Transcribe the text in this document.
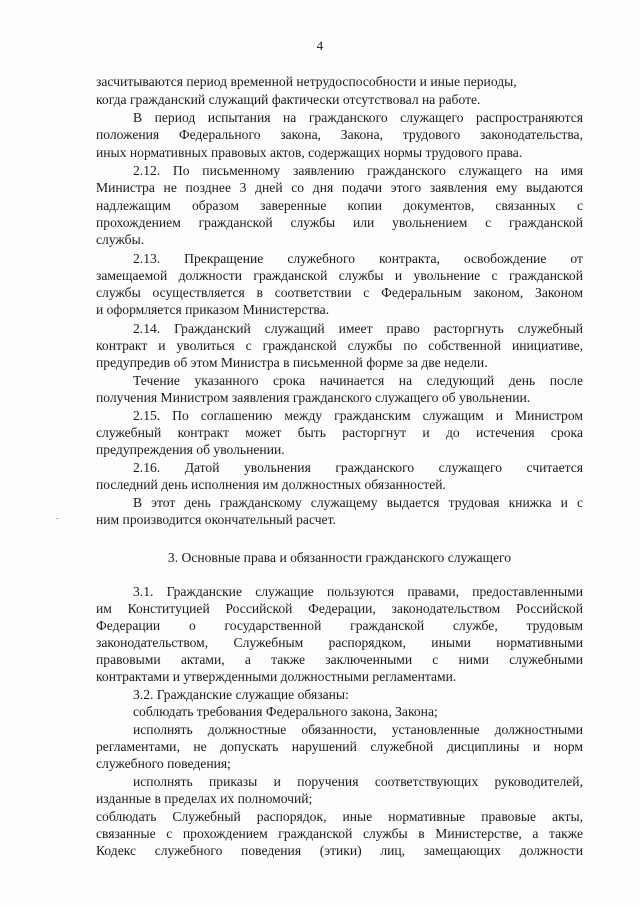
4
засчитываются период временной нетрудоспособности и иные периоды,
когда гражданский служащий фактически отсутствовал на работе.
В период испытания на гражданского служащего распространяются
положения Федерального закона, Закона, трудового законодательства,
иных нормативных правовых актов, содержащих нормы трудового права.
2.12. По письменному заявлению гражданского служащего на имя
Министра не позднее 3 дней со дня подачи этого заявления ему выдаются
надлежащим образом заверенные копии документов, связанных с
прохождением гражданской службы или увольнением с гражданской
службы.
2.13. Прекращение служебного контракта, освобождение от
замещаемой должности гражданской службы и увольнение с гражданской
службы осуществляется в соответствии с Федеральным законом, Законом
и оформляется приказом Министерства.
2.14. Гражданский служащий имеет право расторгнуть служебный
контракт и уволиться с гражданской службы по собственной инициативе,
предупредив об этом Министра в письменной форме за две недели.
Течение указанного срока начинается на следующий день после
получения Министром заявления гражданского служащего об увольнении.
2.15. По соглашению между гражданским служащим и Министром
служебный контракт может быть расторгнут и до истечения срока
предупреждения об увольнении.
2.16. Датой увольнения гражданского служащего считается
последний день исполнения им должностных обязанностей.
В этот день гражданскому служащему выдается трудовая книжка и с
ним производится окончательный расчет.
3. Основные права и обязанности гражданского служащего
3.1. Гражданские служащие пользуются правами, предоставленными
им Конституцией Российской Федерации, законодательством Российской
Федерации о государственной гражданской службе, трудовым
законодательством, Служебным распорядком, иными нормативными
правовыми актами, а также заключенными с ними служебными
контрактами и утвержденными должностными регламентами.
3.2. Гражданские служащие обязаны:
соблюдать требования Федерального закона, Закона;
исполнять должностные обязанности, установленные должностными
регламентами, не допускать нарушений служебной дисциплины и норм
служебного поведения;
исполнять приказы и поручения соответствующих руководителей,
изданные в пределах их полномочий;
соблюдать Служебный распорядок, иные нормативные правовые акты,
связанные с прохождением гражданской службы в Министерстве, а также
Кодекс служебного поведения (этики) лиц, замещающих должности
